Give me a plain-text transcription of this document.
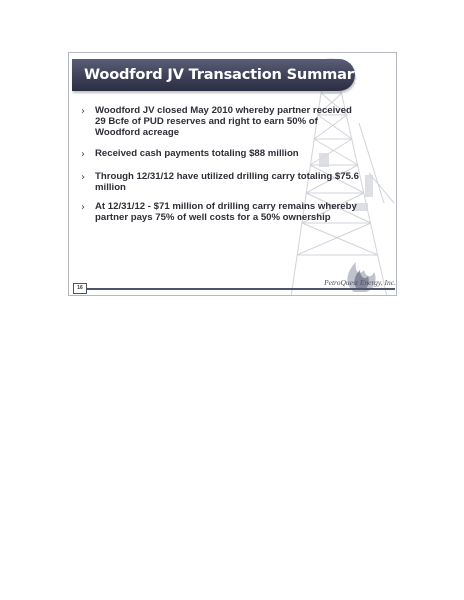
Woodford JV Transaction Summary
› Woodford JV closed May 2010 whereby partner received 29 Bcfe of PUD reserves and right to earn 50% of Woodford acreage
› Received cash payments totaling $88 million
› Through 12/31/12 have utilized drilling carry totaling $75.6 million
› At 12/31/12 - $71 million of drilling carry remains whereby partner pays 75% of well costs for a 50% ownership
16
PetroQuest Energy, Inc.
